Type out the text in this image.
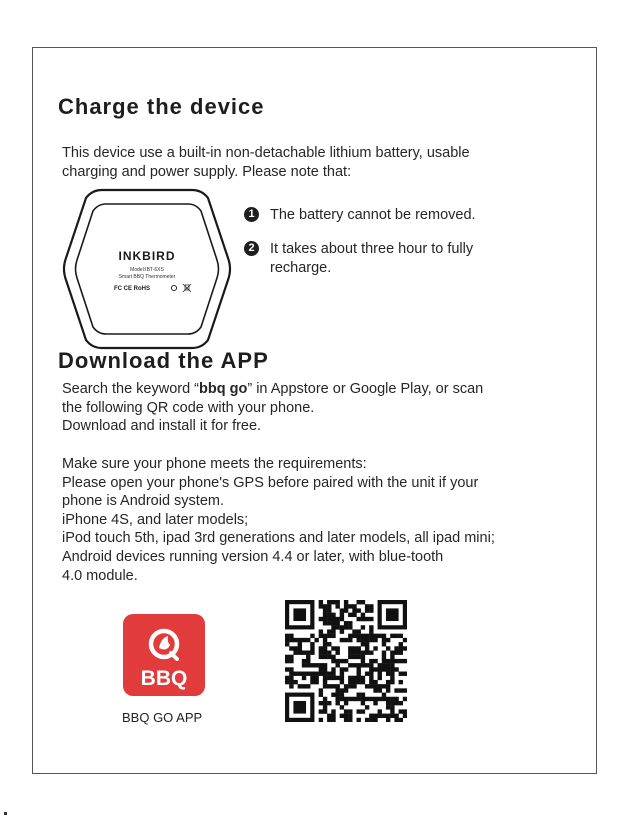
Charge the device
This device use a built-in non-detachable lithium battery, usable
charging and power supply. Please note that:
1	The battery cannot be removed.
2	It takes about three hour to fully
recharge.
INKBIRD
Model:IBT-6XS
Smart BBQ Thermometer
FC CE RoHS
Download the APP
Search the keyword “bbq go” in Appstore or Google Play, or scan
the following QR code with your phone.
Download and install it for free.
Make sure your phone meets the requirements:
Please open your phone's GPS before paired with the unit if your
phone is Android system.
iPhone 4S, and later models;
iPod touch 5th, ipad 3rd generations and later models, all ipad mini;
Android devices running version 4.4 or later, with blue-tooth
4.0 module.
BBQ
BBQ GO APP
